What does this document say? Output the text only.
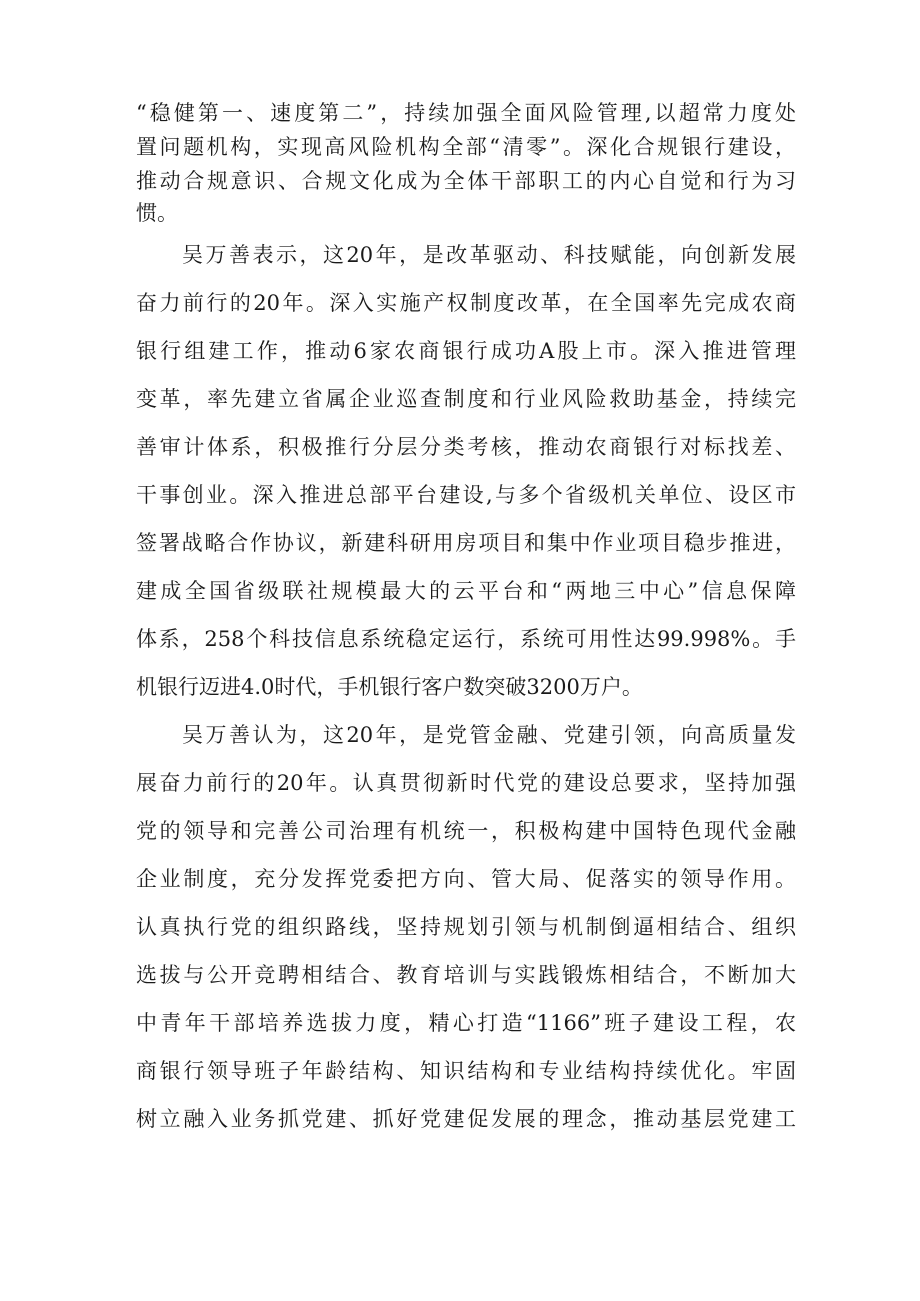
“稳健第一、速度第二”，持续加强全面风险管理,以超常力度处
置问题机构，实现高风险机构全部“清零”。深化合规银行建设，
推动合规意识、合规文化成为全体干部职工的内心自觉和行为习
惯。
吴万善表示，这20年，是改革驱动、科技赋能，向创新发展
奋力前行的20年。深入实施产权制度改革，在全国率先完成农商
银行组建工作，推动6家农商银行成功A股上市。深入推进管理
变革，率先建立省属企业巡查制度和行业风险救助基金，持续完
善审计体系，积极推行分层分类考核，推动农商银行对标找差、
干事创业。深入推进总部平台建设,与多个省级机关单位、设区市
签署战略合作协议，新建科研用房项目和集中作业项目稳步推进，
建成全国省级联社规模最大的云平台和“两地三中心”信息保障
体系，258个科技信息系统稳定运行，系统可用性达99.998%。手
机银行迈进4.0时代，手机银行客户数突破3200万户。
吴万善认为，这20年，是党管金融、党建引领，向高质量发
展奋力前行的20年。认真贯彻新时代党的建设总要求，坚持加强
党的领导和完善公司治理有机统一，积极构建中国特色现代金融
企业制度，充分发挥党委把方向、管大局、促落实的领导作用。
认真执行党的组织路线，坚持规划引领与机制倒逼相结合、组织
选拔与公开竞聘相结合、教育培训与实践锻炼相结合，不断加大
中青年干部培养选拔力度，精心打造“1166”班子建设工程，农
商银行领导班子年龄结构、知识结构和专业结构持续优化。牢固
树立融入业务抓党建、抓好党建促发展的理念，推动基层党建工
